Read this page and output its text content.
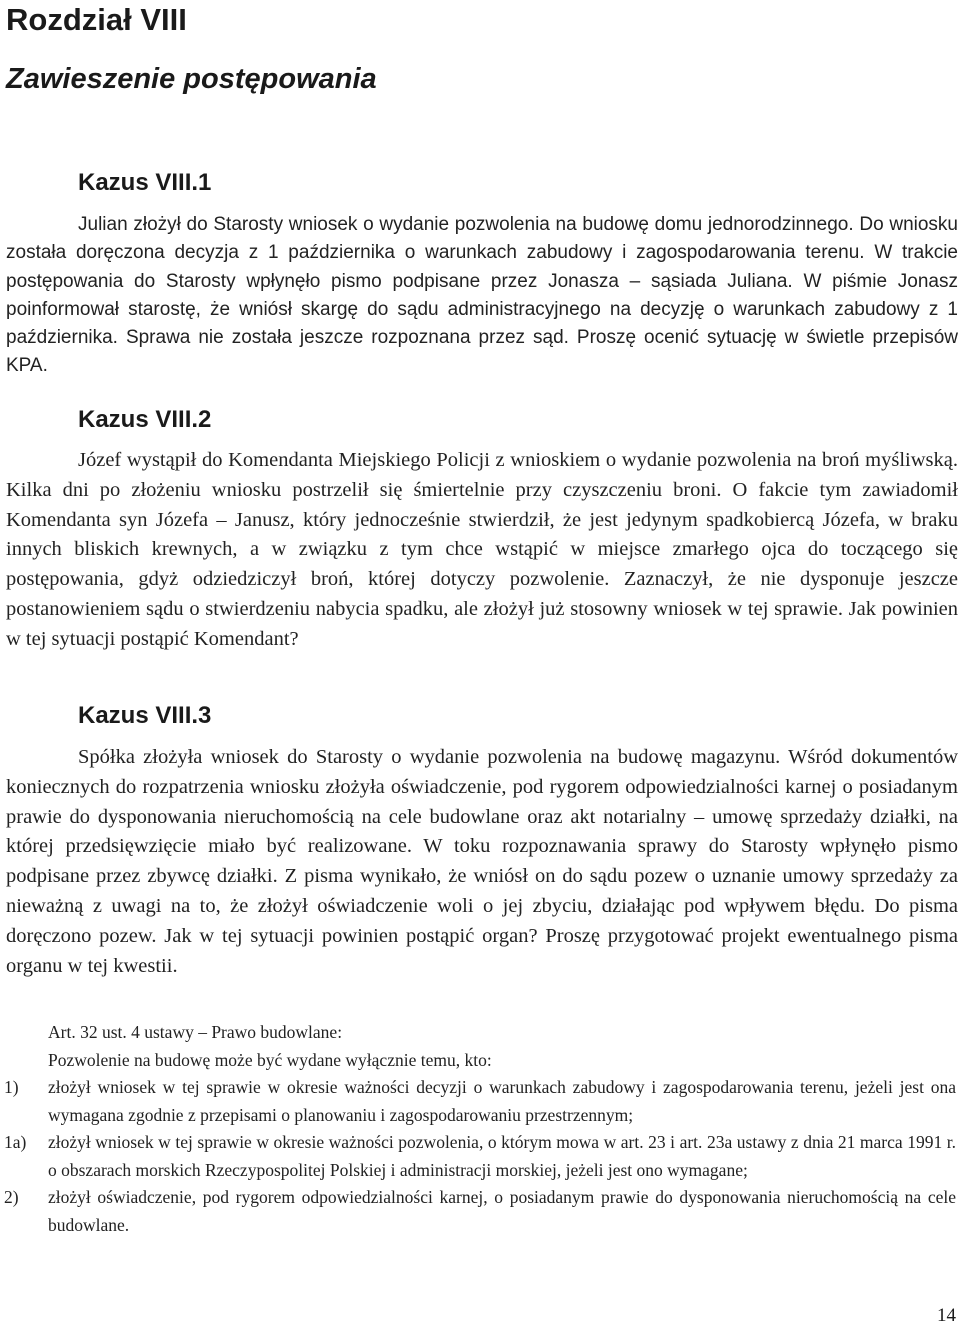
Rozdział VIII
Zawieszenie postępowania
Kazus VIII.1

Julian złożył do Starosty wniosek o wydanie pozwolenia na budowę domu jednorodzinnego. Do wniosku została doręczona decyzja z 1 października o warunkach zabudowy i zagospodarowania terenu. W trakcie postępowania do Starosty wpłynęło pismo podpisane przez Jonasza – sąsiada Juliana. W piśmie Jonasz poinformował starostę, że wniósł skargę do sądu administracyjnego na decyzję o warunkach zabudowy z 1 października. Sprawa nie została jeszcze rozpoznana przez sąd. Proszę ocenić sytuację w świetle przepisów KPA.

Kazus VIII.2

Józef wystąpił do Komendanta Miejskiego Policji z wnioskiem o wydanie pozwolenia na broń myśliwską. Kilka dni po złożeniu wniosku postrzelił się śmiertelnie przy czyszczeniu broni. O fakcie tym zawiadomił Komendanta syn Józefa – Janusz, który jednocześnie stwierdził, że jest jedynym spadkobiercą Józefa, w braku innych bliskich krewnych, a w związku z tym chce wstąpić w miejsce zmarłego ojca do toczącego się postępowania, gdyż odziedziczył broń, której dotyczy pozwolenie. Zaznaczył, że nie dysponuje jeszcze postanowieniem sądu o stwierdzeniu nabycia spadku, ale złożył już stosowny wniosek w tej sprawie. Jak powinien w tej sytuacji postąpić Komendant?

Kazus VIII.3

Spółka złożyła wniosek do Starosty o wydanie pozwolenia na budowę magazynu. Wśród dokumentów koniecznych do rozpatrzenia wniosku złożyła oświadczenie, pod rygorem odpowiedzialności karnej o posiadanym prawie do dysponowania nieruchomością na cele budowlane oraz akt notarialny – umowę sprzedaży działki, na której przedsięwzięcie miało być realizowane. W toku rozpoznawania sprawy do Starosty wpłynęło pismo podpisane przez zbywcę działki. Z pisma wynikało, że wniósł on do sądu pozew o uznanie umowy sprzedaży za nieważną z uwagi na to, że złożył oświadczenie woli o jej zbyciu, działając pod wpływem błędu. Do pisma doręczono pozew. Jak w tej sytuacji powinien postąpić organ? Proszę przygotować projekt ewentualnego pisma organu w tej kwestii.

Art. 32 ust. 4 ustawy – Prawo budowlane:

Pozwolenie na budowę może być wydane wyłącznie temu, kto:

1)	złożył wniosek w tej sprawie w okresie ważności decyzji o warunkach zabudowy i zagospodarowania terenu, jeżeli jest ona wymagana zgodnie z przepisami o planowaniu i zagospodarowaniu przestrzennym;
1a)	złożył wniosek w tej sprawie w okresie ważności pozwolenia, o którym mowa w art. 23 i art. 23a ustawy z dnia 21 marca 1991 r. o obszarach morskich Rzeczypospolitej Polskiej i administracji morskiej, jeżeli jest ono wymagane;
2)	złożył oświadczenie, pod rygorem odpowiedzialności karnej, o posiadanym prawie do dysponowania nieruchomością na cele budowlane.
14
